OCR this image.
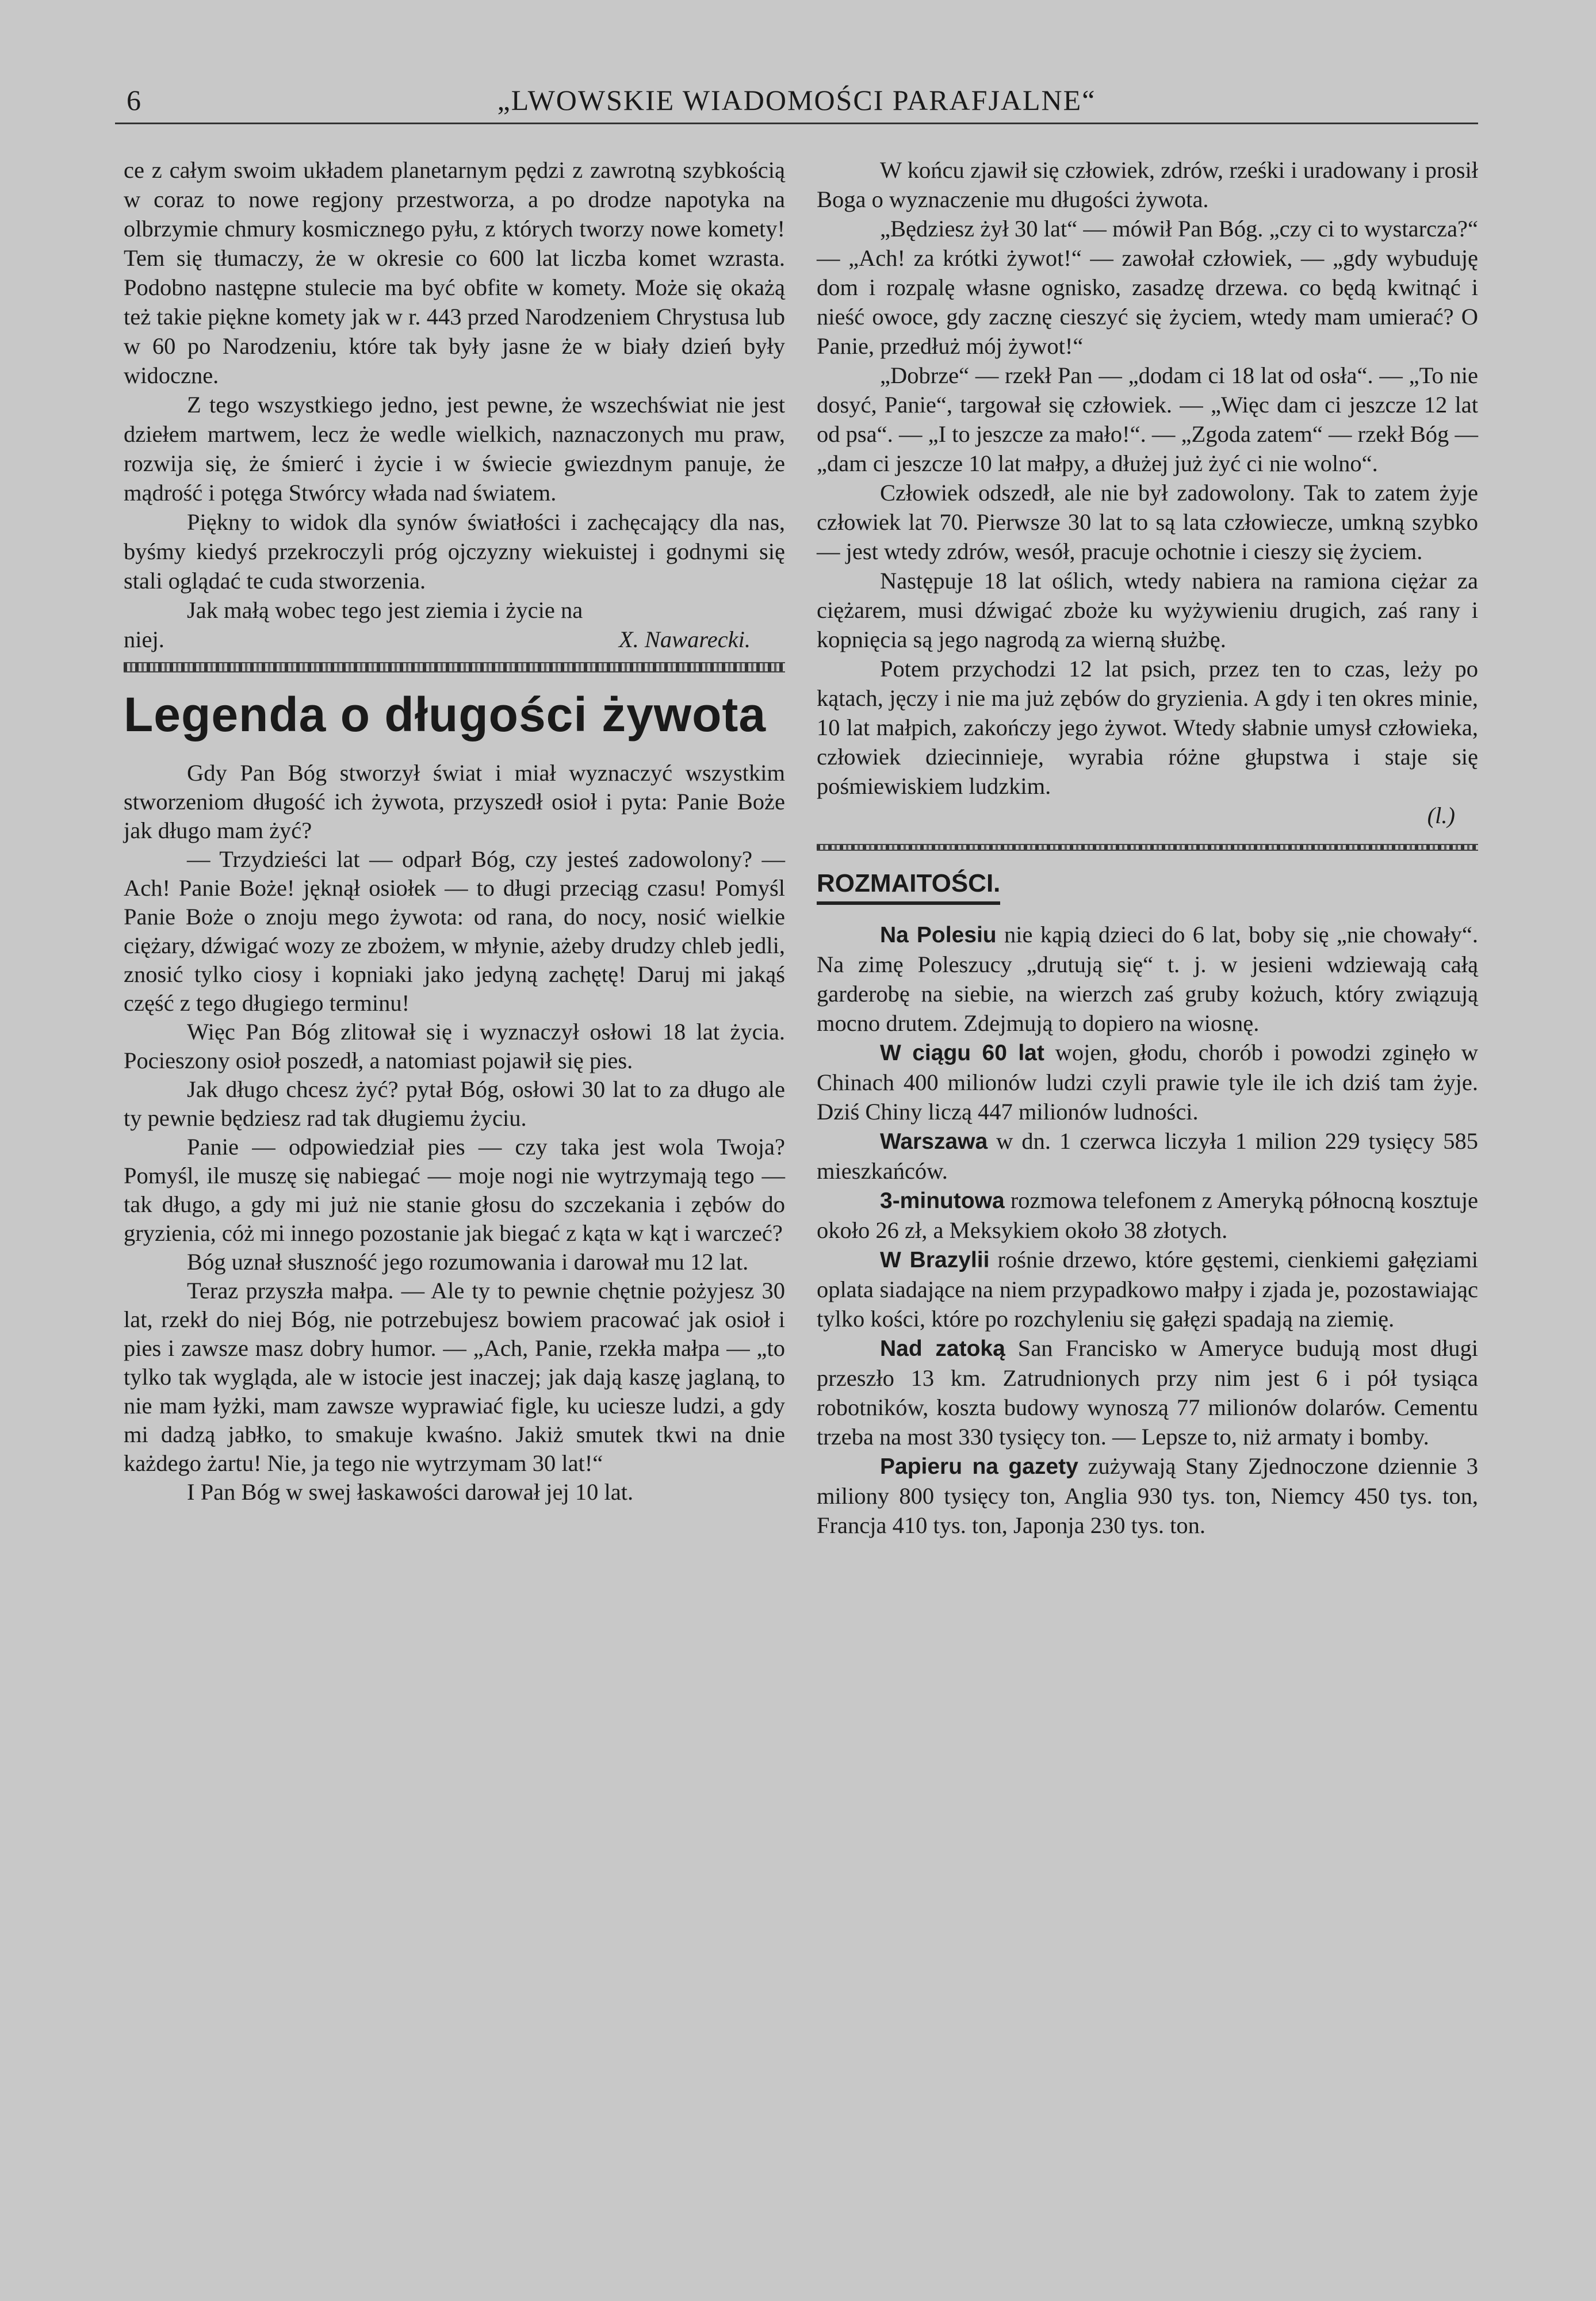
6	„LWOWSKIE WIADOMOŚCI PARAFJALNE“

ce z całym swoim układem planetarnym pędzi z zawrotną szybkością w coraz to nowe regjony przestworza, a po drodze napotyka na olbrzymie chmury kosmicznego pyłu, z których tworzy nowe komety! Tem się tłumaczy, że w okresie co 600 lat liczba komet wzrasta. Podobno następne stulecie ma być obfite w komety. Może się okażą też takie piękne komety jak w r. 443 przed Narodzeniem Chrystusa lub w 60 po Narodzeniu, które tak były jasne że w biały dzień były widoczne.

Z tego wszystkiego jedno, jest pewne, że wszechświat nie jest dziełem martwem, lecz że wedle wielkich, naznaczonych mu praw, rozwija się, że śmierć i życie i w świecie gwiezdnym panuje, że mądrość i potęga Stwórcy włada nad światem.

Piękny to widok dla synów światłości i zachęcający dla nas, byśmy kiedyś przekroczyli próg ojczyzny wiekuistej i godnymi się stali oglądać te cuda stworzenia.

Jak małą wobec tego jest ziemia i życie na

niej.	X. Nawarecki.
Legenda o długości żywota

Gdy Pan Bóg stworzył świat i miał wyznaczyć wszystkim stworzeniom długość ich żywota, przyszedł osioł i pyta: Panie Boże jak długo mam żyć?

— Trzydzieści lat — odparł Bóg, czy jesteś zadowolony? — Ach! Panie Boże! jęknął osiołek — to długi przeciąg czasu! Pomyśl Panie Boże o znoju mego żywota: od rana, do nocy, nosić wielkie ciężary, dźwigać wozy ze zbożem, w młynie, ażeby drudzy chleb jedli, znosić tylko ciosy i kopniaki jako jedyną zachętę! Daruj mi jakąś część z tego długiego terminu!

Więc Pan Bóg zlitował się i wyznaczył osłowi 18 lat życia. Pocieszony osioł poszedł, a natomiast pojawił się pies.

Jak długo chcesz żyć? pytał Bóg, osłowi 30 lat to za długo ale ty pewnie będziesz rad tak długiemu życiu.

Panie — odpowiedział pies — czy taka jest wola Twoja? Pomyśl, ile muszę się nabiegać — moje nogi nie wytrzymają tego — tak długo, a gdy mi już nie stanie głosu do szczekania i zębów do gryzienia, cóż mi innego pozostanie jak biegać z kąta w kąt i warczeć?

Bóg uznał słuszność jego rozumowania i darował mu 12 lat.

Teraz przyszła małpa. — Ale ty to pewnie chętnie pożyjesz 30 lat, rzekł do niej Bóg, nie potrzebujesz bowiem pracować jak osioł i pies i zawsze masz dobry humor. — „Ach, Panie, rzekła małpa — „to tylko tak wygląda, ale w istocie jest inaczej; jak dają kaszę jaglaną, to nie mam łyżki, mam zawsze wyprawiać figle, ku uciesze ludzi, a gdy mi dadzą jabłko, to smakuje kwaśno. Jakiż smutek tkwi na dnie każdego żartu! Nie, ja tego nie wytrzymam 30 lat!“

I Pan Bóg w swej łaskawości darował jej 10 lat.

W końcu zjawił się człowiek, zdrów, rześki i uradowany i prosił Boga o wyznaczenie mu długości żywota.

„Będziesz żył 30 lat“ — mówił Pan Bóg. „czy ci to wystarcza?“ — „Ach! za krótki żywot!“ — zawołał człowiek, — „gdy wybuduję dom i rozpalę własne ognisko, zasadzę drzewa. co będą kwitnąć i nieść owoce, gdy zacznę cieszyć się życiem, wtedy mam umierać? O Panie, przedłuż mój żywot!“

„Dobrze“ — rzekł Pan — „dodam ci 18 lat od osła“. — „To nie dosyć, Panie“, targował się człowiek. — „Więc dam ci jeszcze 12 lat od psa“. — „I to jeszcze za mało!“. — „Zgoda zatem“ — rzekł Bóg — „dam ci jeszcze 10 lat małpy, a dłużej już żyć ci nie wolno“.

Człowiek odszedł, ale nie był zadowolony. Tak to zatem żyje człowiek lat 70. Pierwsze 30 lat to są lata człowiecze, umkną szybko — jest wtedy zdrów, wesół, pracuje ochotnie i cieszy się życiem.

Następuje 18 lat oślich, wtedy nabiera na ramiona ciężar za ciężarem, musi dźwigać zboże ku wyżywieniu drugich, zaś rany i kopnięcia są jego nagrodą za wierną służbę.

Potem przychodzi 12 lat psich, przez ten to czas, leży po kątach, jęczy i nie ma już zębów do gryzienia. A gdy i ten okres minie, 10 lat małpich, zakończy jego żywot. Wtedy słabnie umysł człowieka, człowiek dziecinnieje, wyrabia różne głupstwa i staje się pośmiewiskiem ludzkim.

(l.)

ROZMAITOŚCI.

Na Polesiu nie kąpią dzieci do 6 lat, boby się „nie chowały“. Na zimę Poleszucy „drutują się“ t. j. w jesieni wdziewają całą garderobę na siebie, na wierzch zaś gruby kożuch, który związują mocno drutem. Zdejmują to dopiero na wiosnę.

W ciągu 60 lat wojen, głodu, chorób i powodzi zginęło w Chinach 400 milionów ludzi czyli prawie tyle ile ich dziś tam żyje. Dziś Chiny liczą 447 milionów ludności.

Warszawa w dn. 1 czerwca liczyła 1 milion 229 tysięcy 585 mieszkańców.

3-minutowa rozmowa telefonem z Ameryką północną kosztuje około 26 zł, a Meksykiem około 38 złotych.

W Brazylii rośnie drzewo, które gęstemi, cienkiemi gałęziami oplata siadające na niem przypadkowo małpy i zjada je, pozostawiając tylko kości, które po rozchyleniu się gałęzi spadają na ziemię.

Nad zatoką San Francisko w Ameryce budują most długi przeszło 13 km. Zatrudnionych przy nim jest 6 i pół tysiąca robotników, koszta budowy wynoszą 77 milionów dolarów. Cementu trzeba na most 330 tysięcy ton. — Lepsze to, niż armaty i bomby.

Papieru na gazety zużywają Stany Zjednoczone dziennie 3 miliony 800 tysięcy ton, Anglia 930 tys. ton, Niemcy 450 tys. ton, Francja 410 tys. ton, Japonja 230 tys. ton.
